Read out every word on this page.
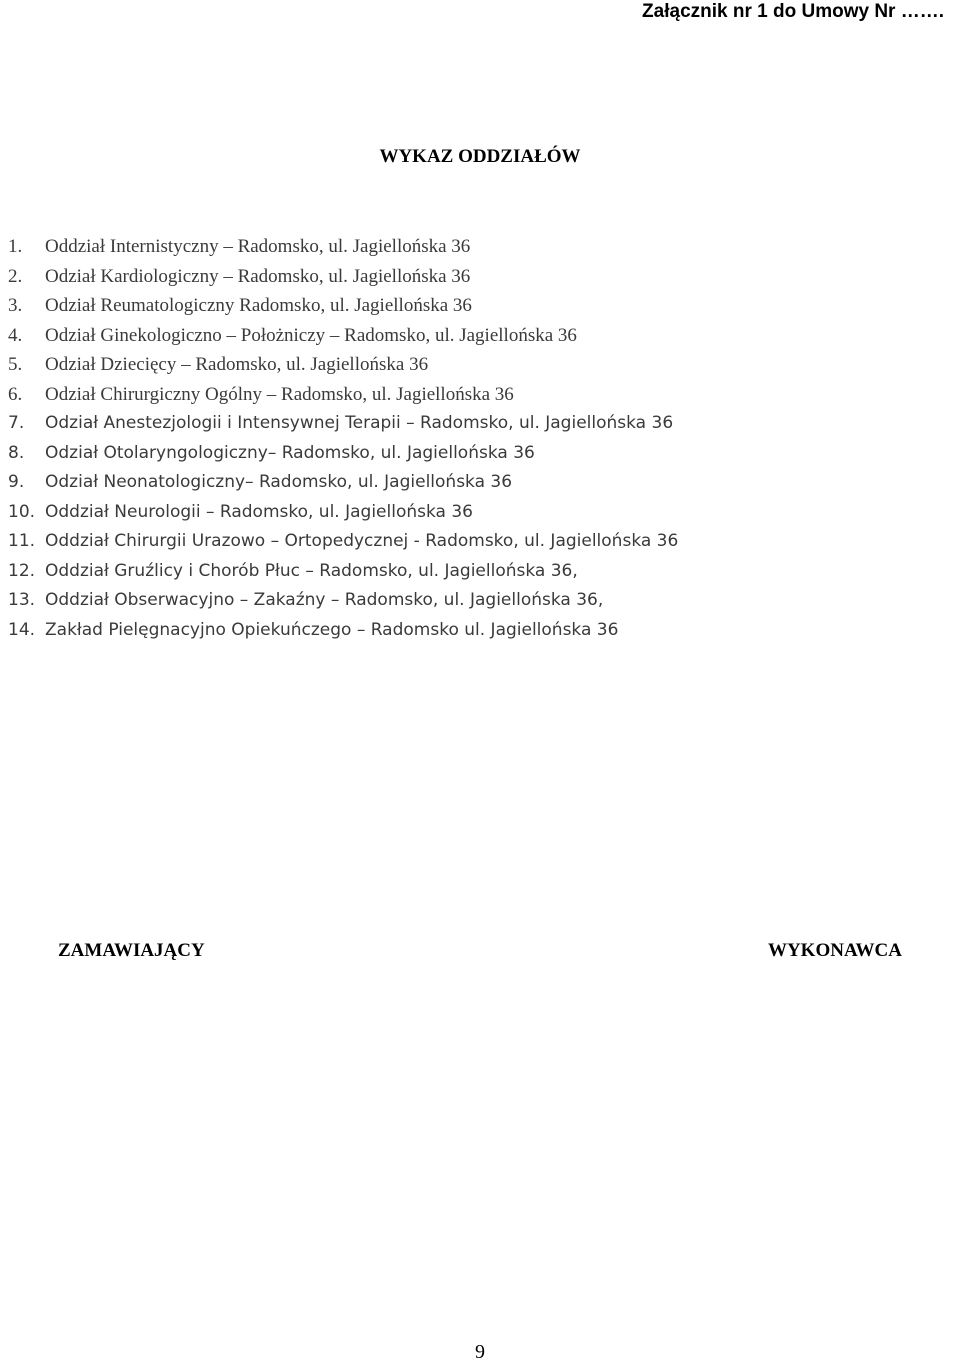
Załącznik nr 1 do Umowy Nr …….
WYKAZ ODDZIAŁÓW
1. Oddział Internistyczny – Radomsko, ul. Jagiellońska 36
2. Odział Kardiologiczny – Radomsko, ul. Jagiellońska 36
3. Odział Reumatologiczny Radomsko, ul. Jagiellońska 36
4. Odział Ginekologiczno – Położniczy – Radomsko, ul. Jagiellońska 36
5. Odział Dziecięcy – Radomsko, ul. Jagiellońska 36
6. Odział Chirurgiczny Ogólny – Radomsko, ul. Jagiellońska 36
7. Odział Anestezjologii i Intensywnej Terapii – Radomsko, ul. Jagiellońska 36
8. Odział Otolaryngologiczny– Radomsko, ul. Jagiellońska 36
9. Odział Neonatologiczny– Radomsko, ul. Jagiellońska 36
10. Oddział Neurologii – Radomsko, ul. Jagiellońska 36
11. Oddział Chirurgii Urazowo – Ortopedycznej - Radomsko, ul. Jagiellońska 36
12. Oddział Gruźlicy i Chorób Płuc – Radomsko, ul. Jagiellońska 36,
13. Oddział Obserwacyjno – Zakaźny – Radomsko, ul. Jagiellońska 36,
14. Zakład Pielęgnacyjno Opiekuńczego – Radomsko ul. Jagiellońska 36
ZAMAWIAJĄCY	WYKONAWCA
9
